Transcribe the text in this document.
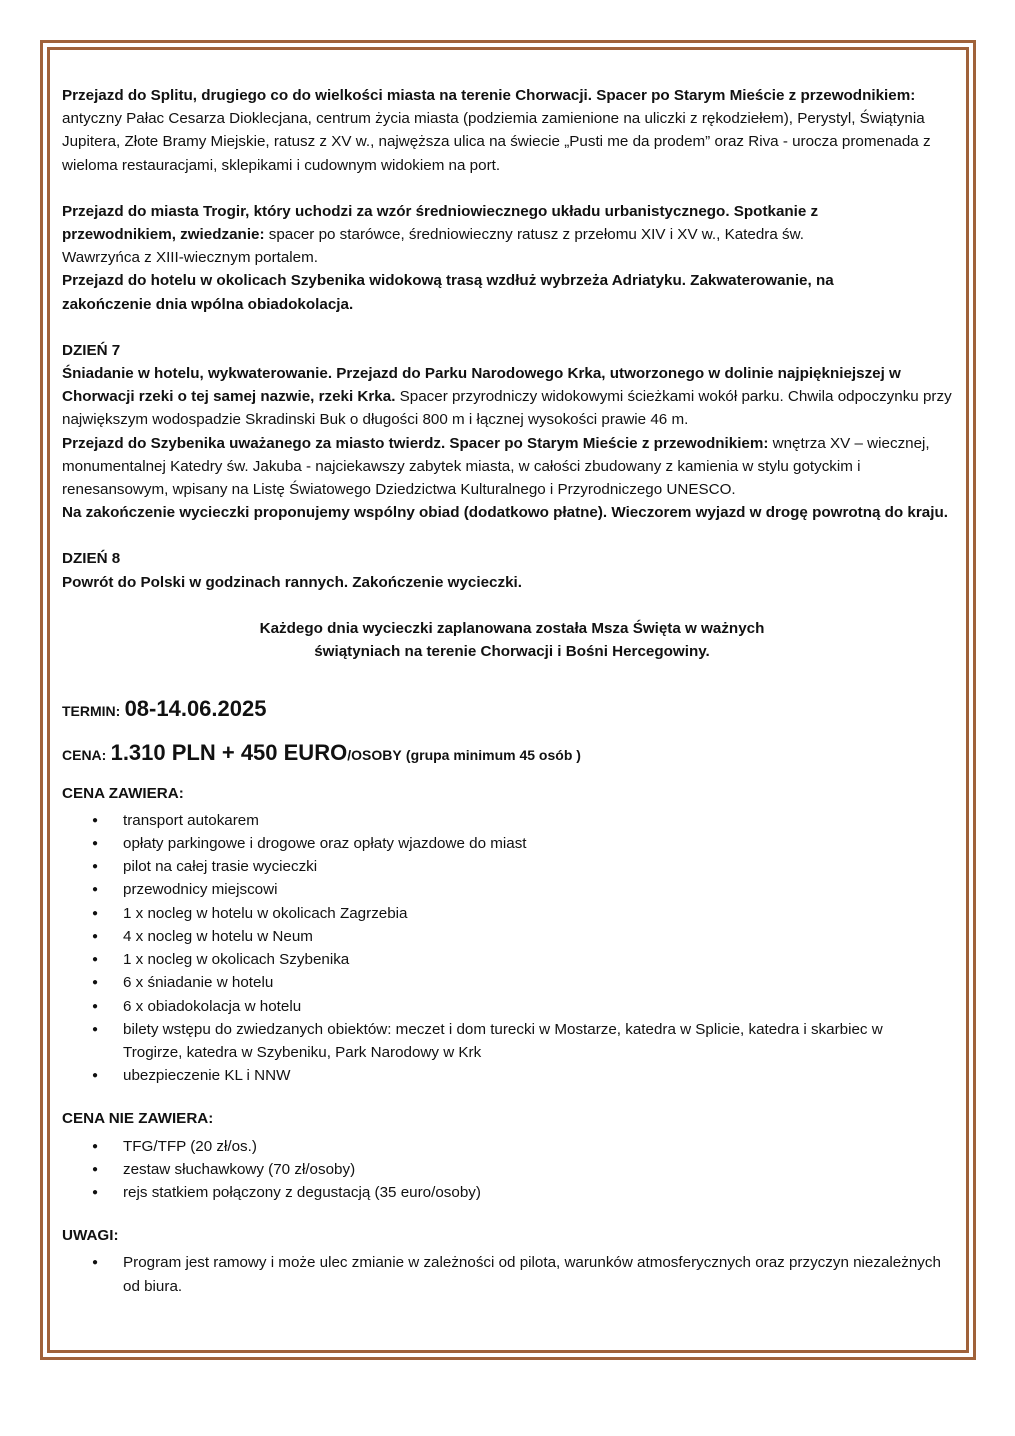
Przejazd do Splitu, drugiego co do wielkości miasta na terenie Chorwacji. Spacer po Starym Mieście z przewodnikiem: antyczny Pałac Cesarza Dioklecjana, centrum życia miasta (podziemia zamienione na uliczki z rękodziełem), Perystyl, Świątynia Jupitera, Złote Bramy Miejskie, ratusz z XV w., najwęższa ulica na świecie „Pusti me da prodem” oraz Riva - urocza promenada z wieloma restauracjami, sklepikami i cudownym widokiem na port.

Przejazd do miasta Trogir, który uchodzi za wzór średniowiecznego układu urbanistycznego. Spotkanie z przewodnikiem, zwiedzanie: spacer po starówce, średniowieczny ratusz z przełomu XIV i XV w., Katedra św. Wawrzyńca z XIII-wiecznym portalem.

Przejazd do hotelu w okolicach Szybenika widokową trasą wzdłuż wybrzeża Adriatyku. Zakwaterowanie, na zakończenie dnia wpólna obiadokolacja.

DZIEŃ 7

Śniadanie w hotelu, wykwaterowanie. Przejazd do Parku Narodowego Krka, utworzonego w dolinie najpiękniejszej w Chorwacji rzeki o tej samej nazwie, rzeki Krka. Spacer przyrodniczy widokowymi ścieżkami wokół parku. Chwila odpoczynku przy największym wodospadzie Skradinski Buk o długości 800 m i łącznej wysokości prawie 46 m.

Przejazd do Szybenika uważanego za miasto twierdz. Spacer po Starym Mieście z przewodnikiem: wnętrza XV – wiecznej, monumentalnej Katedry św. Jakuba - najciekawszy zabytek miasta, w całości zbudowany z kamienia w stylu gotyckim i renesansowym, wpisany na Listę Światowego Dziedzictwa Kulturalnego i Przyrodniczego UNESCO.

Na zakończenie wycieczki proponujemy wspólny obiad (dodatkowo płatne). Wieczorem wyjazd w drogę powrotną do kraju.

DZIEŃ 8

Powrót do Polski w godzinach rannych. Zakończenie wycieczki.

Każdego dnia wycieczki zaplanowana została Msza Święta w ważnych

świątyniach na terenie Chorwacji i Bośni Hercegowiny.

TERMIN: 08-14.06.2025
CENA: 1.310 PLN + 450 EURO/OSOBY (grupa minimum 45 osób )

CENA ZAWIERA:

● transport autokarem
● opłaty parkingowe i drogowe oraz opłaty wjazdowe do miast
● pilot na całej trasie wycieczki
● przewodnicy miejscowi
● 1 x nocleg w hotelu w okolicach Zagrzebia
● 4 x nocleg w hotelu w Neum
● 1 x nocleg w okolicach Szybenika
● 6 x śniadanie w hotelu
● 6 x obiadokolacja w hotelu
● bilety wstępu do zwiedzanych obiektów: meczet i dom turecki w Mostarze, katedra w Splicie, katedra i skarbiec w Trogirze, katedra w Szybeniku, Park Narodowy w Krk
● ubezpieczenie KL i NNW

CENA NIE ZAWIERA:

● TFG/TFP (20 zł/os.)
● zestaw słuchawkowy (70 zł/osoby)
● rejs statkiem połączony z degustacją (35 euro/osoby)

UWAGI:

● Program jest ramowy i może ulec zmianie w zależności od pilota, warunków atmosferycznych oraz przyczyn niezależnych od biura.
